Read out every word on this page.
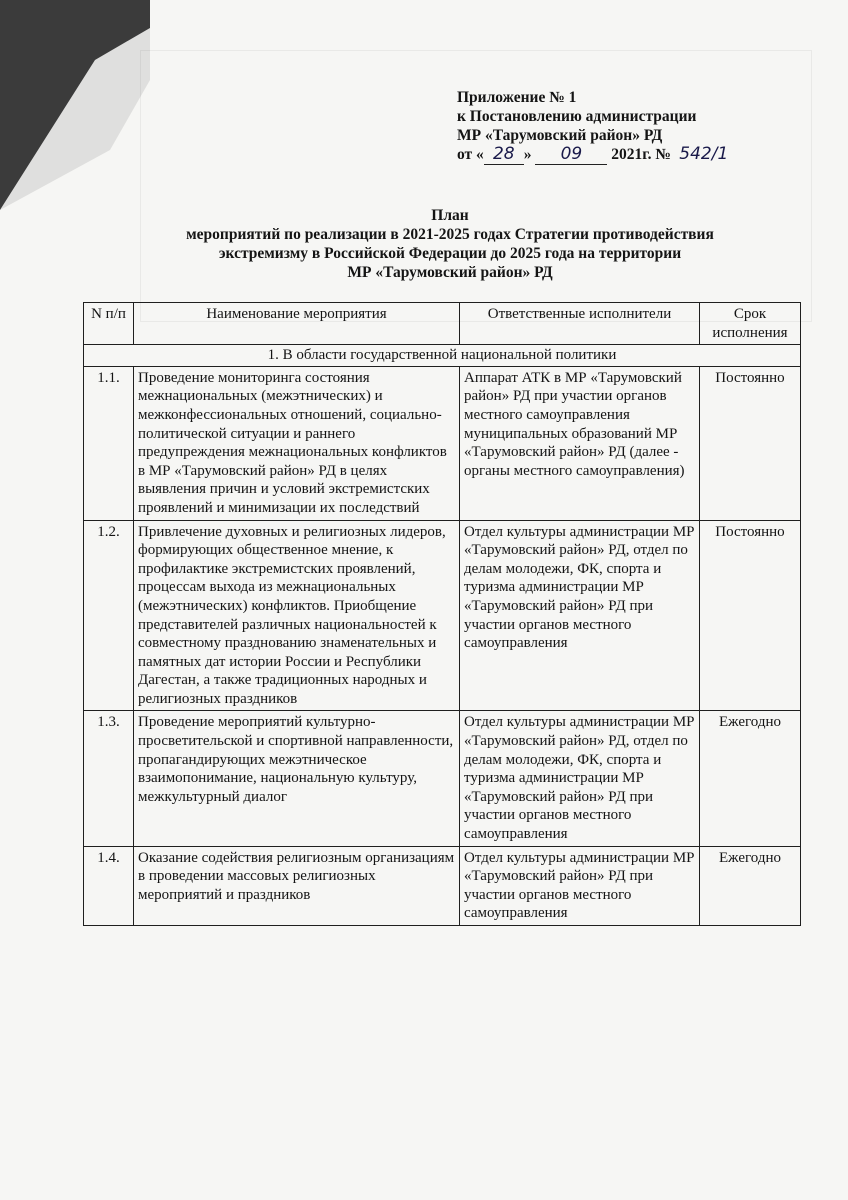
Приложение № 1
к Постановлению администрации
МР «Тарумовский район» РД
от « 28 » 09 2021г. № 542/1
План
мероприятий по реализации в 2021-2025 годах Стратегии противодействия
экстремизму в Российской Федерации до 2025 года на территории
МР «Тарумовский район» РД
N п/п	Наименование мероприятия	Ответственные исполнители	Срок исполнения
1. В области государственной национальной политики			
1.1.	Проведение мониторинга состояния межнациональных (межэтнических) и межконфессиональных отношений, социально-политической ситуации и раннего предупреждения межнациональных конфликтов в МР «Тарумовский район» РД в целях выявления причин и условий экстремистских проявлений и минимизации их последствий	Аппарат АТК в МР «Тарумовский район» РД при участии органов местного самоуправления муниципальных образований МР «Тарумовский район» РД (далее - органы местного самоуправления)	Постоянно
1.2.	Привлечение духовных и религиозных лидеров, формирующих общественное мнение, к профилактике экстремистских проявлений, процессам выхода из межнациональных (межэтнических) конфликтов. Приобщение представителей различных национальностей к совместному празднованию знаменательных и памятных дат истории России и Республики Дагестан, а также традиционных народных и религиозных праздников	Отдел культуры администрации МР «Тарумовский район» РД, отдел по делам молодежи, ФК, спорта и туризма администрации МР «Тарумовский район» РД при участии органов местного самоуправления	Постоянно
1.3.	Проведение мероприятий культурно-просветительской и спортивной направленности, пропагандирующих межэтническое взаимопонимание, национальную культуру, межкультурный диалог	Отдел культуры администрации МР «Тарумовский район» РД, отдел по делам молодежи, ФК, спорта и туризма администрации МР «Тарумовский район» РД при участии органов местного самоуправления	Ежегодно
1.4.	Оказание содействия религиозным организациям в проведении массовых религиозных мероприятий и праздников	Отдел культуры администрации МР «Тарумовский район» РД при участии органов местного самоуправления	Ежегодно
